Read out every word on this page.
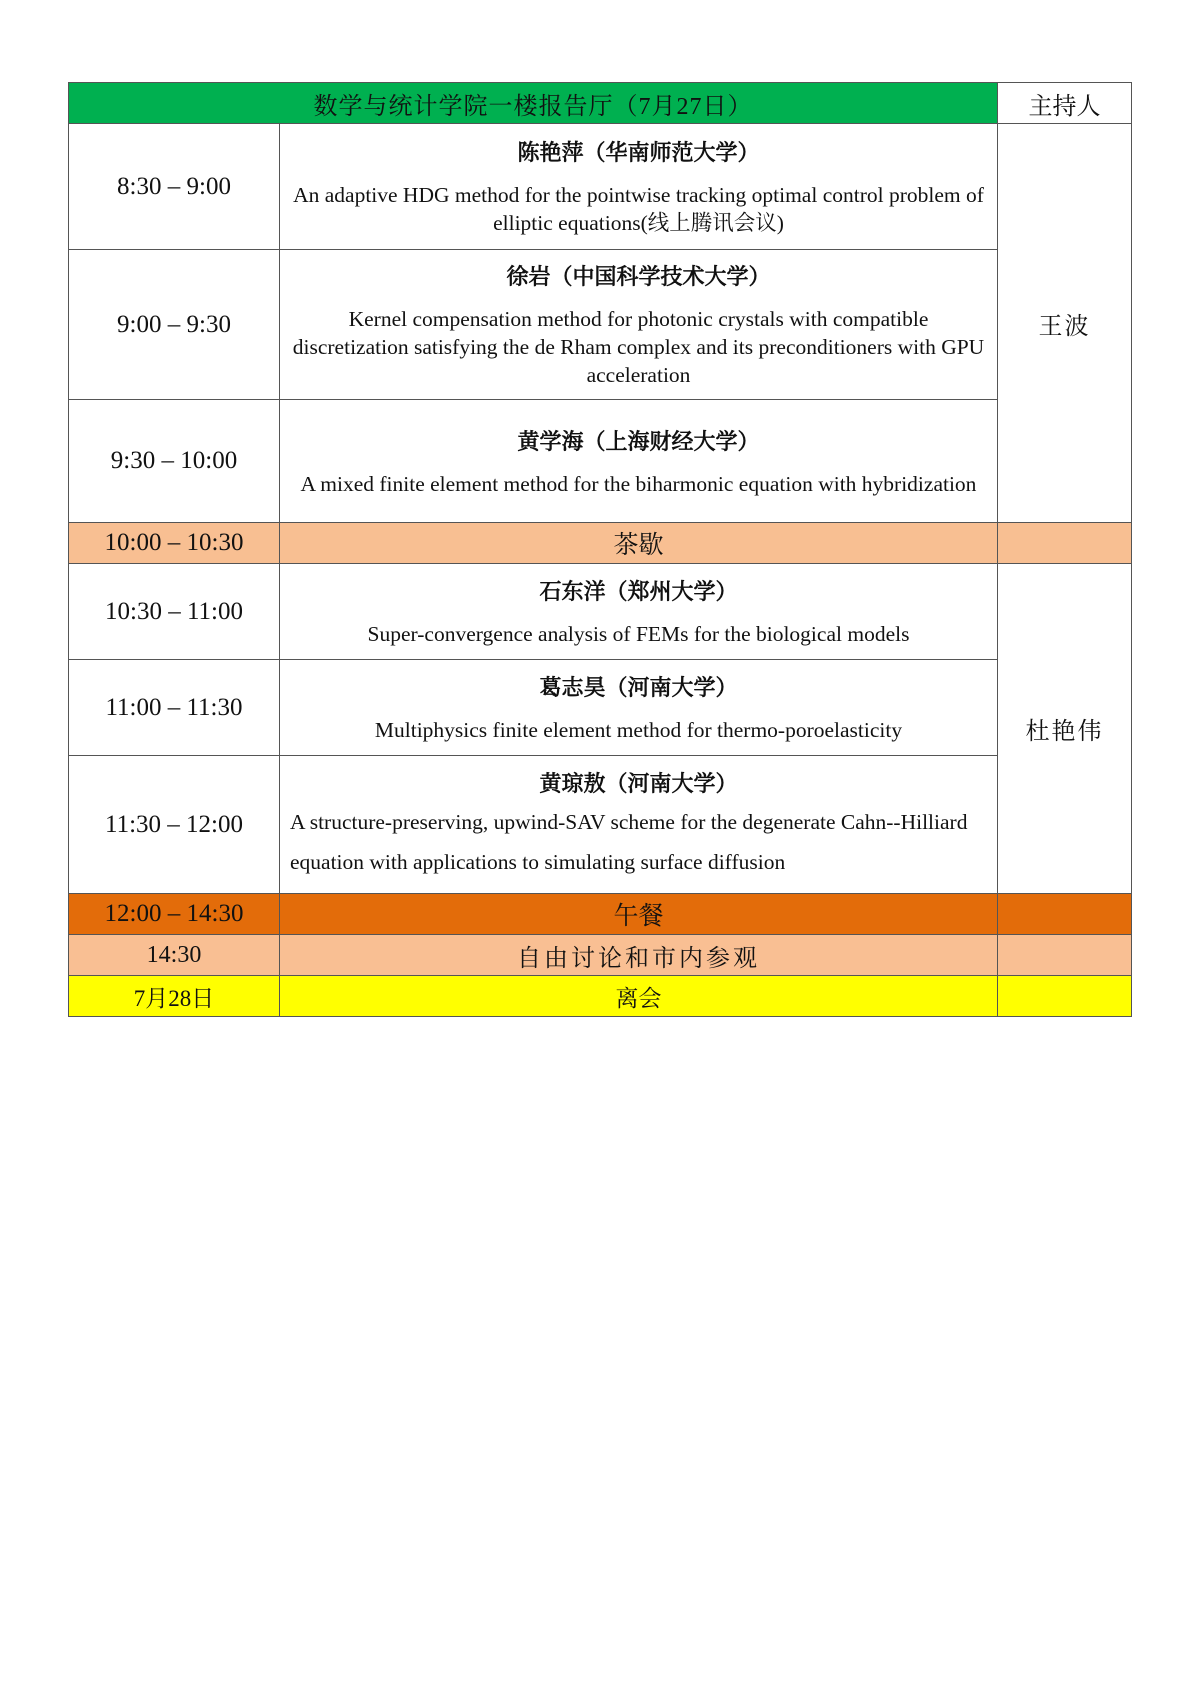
数学与统计学院一楼报告厅（7月27日）		主持人
8:30 – 9:00	陈艳萍（华南师范大学）
An adaptive HDG method for the pointwise tracking optimal control problem of elliptic equations(线上腾讯会议)	王波
9:00 – 9:30	徐岩（中国科学技术大学）
Kernel compensation method for photonic crystals with compatible discretization satisfying the de Rham complex and its preconditioners with GPU acceleration	

9:30 – 10:00	黄学海（上海财经大学）
A mixed finite element method for the biharmonic equation with hybridization	

10:00 – 10:30	茶歇	
10:30 – 11:00	石东洋（郑州大学）
Super-convergence analysis of FEMs for the biological models	杜艳伟
11:00 – 11:30	葛志昊（河南大学）
Multiphysics finite element method for thermo-poroelasticity	

11:30 – 12:00	黄琼敖（河南大学）
A structure-preserving, upwind-SAV scheme for the degenerate Cahn--Hilliard equation with applications to simulating surface diffusion	

12:00 – 14:30	午餐	
14:30	自由讨论和市内参观	
7月28日	离会	
